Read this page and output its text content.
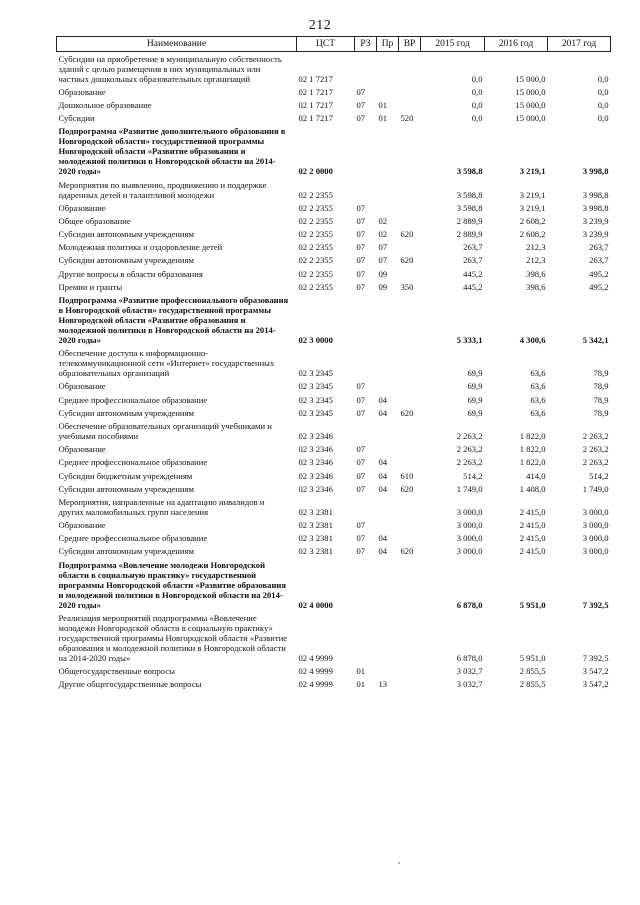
212
Наименование	ЦСТ	РЗ	Пр	ВР	2015 год	2016 год	2017 год
Субсидии на приобретение в муниципальную собственность зданий с целью размещения в них муниципальных или частных дошкольных образовательных организаций	02 1 7217				0,0	15 000,0	0,0
Образование	02 1 7217	07			0,0	15 000,0	0,0
Дошкольное образование	02 1 7217	07	01		0,0	15 000,0	0,0
Субсидии	02 1 7217	07	01	520	0,0	15 000,0	0,0
Подпрограмма «Развитие дополнительного образования в Новгородской области» государственной программы Новгородской области «Развитие образования и молодежной политики в Новгородской области на 2014-2020 годы»	02 2 0000				3 598,8	3 219,1	3 998,8
Мероприятия по выявлению, продвижению и поддержке одаренных детей и талантливой молодежи	02 2 2355				3 598,8	3 219,1	3 998,8
Образование	02 2 2355	07			3 598,8	3 219,1	3 998,8
Общее образование	02 2 2355	07	02		2 889,9	2 608,2	3 239,9
Субсидии автономным учреждениям	02 2 2355	07	02	620	2 889,9	2 608,2	3 239,9
Молодежная политика и оздоровление детей	02 2 2355	07	07		263,7	212,3	263,7
Субсидии автономным учреждениям	02 2 2355	07	07	620	263,7	212,3	263,7
Другие вопросы в области образования	02 2 2355	07	09		445,2	398,6	495,2
Премии и гранты	02 2 2355	07	09	350	445,2	398,6	495,2
Подпрограмма «Развитие профессионального образования в Новгородской области» государственной программы Новгородской области «Развитие образования и молодежной политики в Новгородской области на 2014-2020 годы»	02 3 0000				5 333,1	4 300,6	5 342,1
Обеспечение доступа к информационно-телекоммуникационной сети «Интернет» государственных образовательных организаций	02 3 2345				69,9	63,6	78,9
Образование	02 3 2345	07			69,9	63,6	78,9
Среднее профессиональное образование	02 3 2345	07	04		69,9	63,6	78,9
Субсидии автономным учреждениям	02 3 2345	07	04	620	69,9	63,6	78,9
Обеспечение образовательных организаций учебниками и учебными пособиями	02 3 2346				2 263,2	1 822,0	2 263,2
Образование	02 3 2346	07			2 263,2	1 822,0	2 263,2
Среднее профессиональное образование	02 3 2346	07	04		2 263,2	1 822,0	2 263,2
Субсидии бюджетным учреждениям	02 3 2346	07	04	610	514,2	414,0	514,2
Субсидии автономным учреждениям	02 3 2346	07	04	620	1 749,0	1 408,0	1 749,0
Мероприятия, направленные на адаптацию инвалидов и других маломобильных групп населения	02 3 2381				3 000,0	2 415,0	3 000,0
Образование	02 3 2381	07			3 000,0	2 415,0	3 000,0
Среднее профессиональное образование	02 3 2381	07	04		3 000,0	2 415,0	3 000,0
Субсидии автономным учреждениям	02 3 2381	07	04	620	3 000,0	2 415,0	3 000,0
Подпрограмма «Вовлечение молодежи Новгородской области в социальную практику» государственной программы Новгородской области «Развитие образования и молодежной политики в Новгородской области на 2014-2020 годы»	02 4 0000				6 878,0	5 951,0	7 392,5
Реализация мероприятий подпрограммы «Вовлечение молодежи Новгородской области в социальную практику» государственной программы Новгородской области «Развитие образования и молодежной политики в Новгородской области на 2014-2020 годы»	02 4 9999				6 878,0	5 951,0	7 392,5
Общегосударственные вопросы	02 4 9999	01			3 032,7	2 855,5	3 547,2
Другие общегосударственные вопросы	02 4 9999	01	13		3 032,7	2 855,5	3 547,2
